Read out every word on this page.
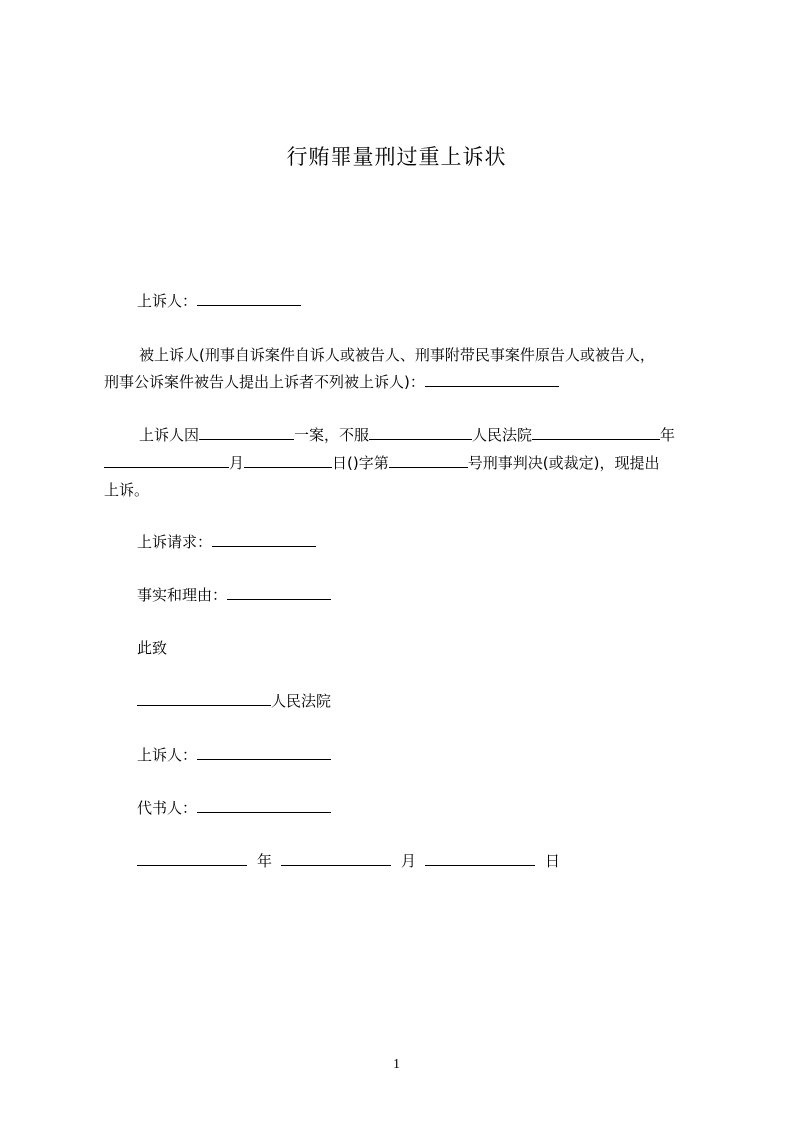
行贿罪量刑过重上诉状
上诉人：
被上诉人(刑事自诉案件自诉人或被告人、刑事附带民事案件原告人或被告人，
刑事公诉案件被告人提出上诉者不列被上诉人)：
上诉人因	一案，不服	人民法院	年
月	日()字第	号刑事判决(或裁定)，现提出
上诉。
上诉请求：
事实和理由：
此致
人民法院
上诉人：
代书人：
年	月	日
1
